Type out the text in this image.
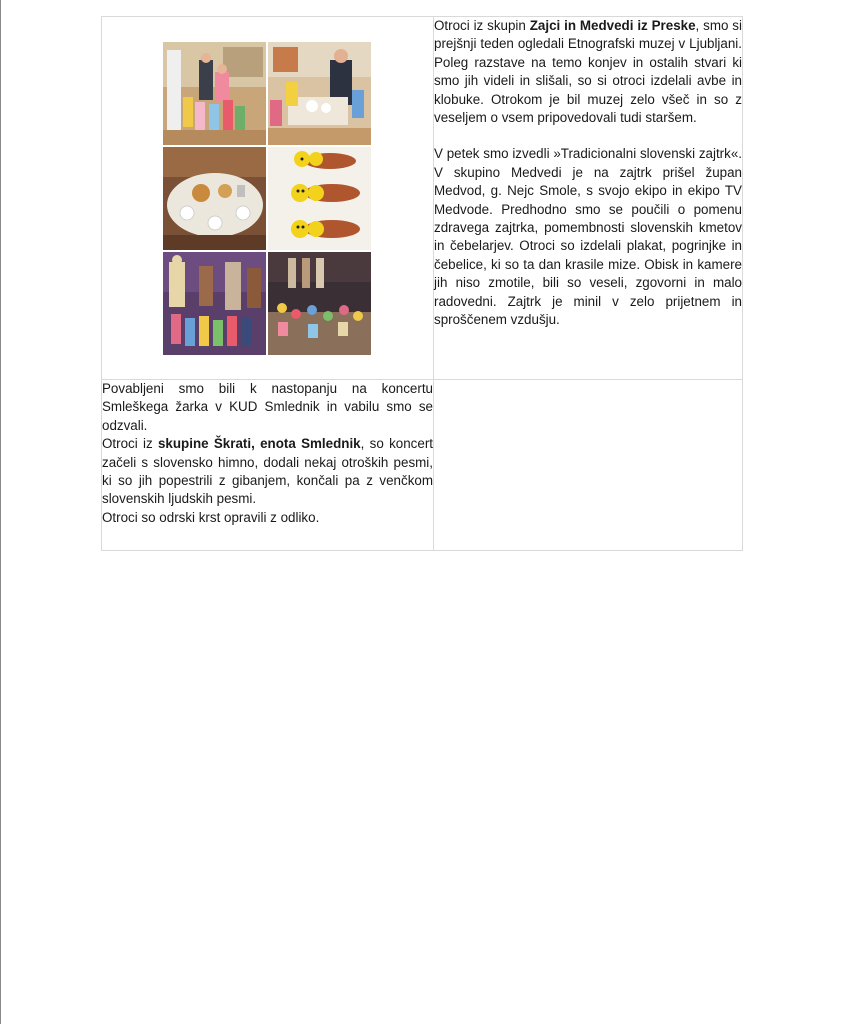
Otroci iz skupin Zajci in Medvedi iz Preske, smo si prejšnji teden ogledali Etnografski muzej v Ljubljani. Poleg razstave na temo konjev in ostalih stvari ki smo jih videli in slišali, so si otroci izdelali avbe in klobuke. Otrokom je bil muzej zelo všeč in so z veseljem o vsem pripovedovali tudi staršem.

V petek smo izvedli »Tradicionalni slovenski zajtrk«. V skupino Medvedi je na zajtrk prišel župan Medvod, g. Nejc Smole, s svojo ekipo in ekipo TV Medvode. Predhodno smo se poučili o pomenu zdravega zajtrka, pomembnosti slovenskih kmetov in čebelarjev. Otroci so izdelali plakat, pogrinjke in čebelice, ki so ta dan krasile mize. Obisk in kamere jih niso zmotile, bili so veseli, zgovorni in malo radovedni. Zajtrk je minil v zelo prijetnem in sproščenem vzdušju.

Povabljeni smo bili k nastopanju na koncertu Smleškega žarka v KUD Smlednik in vabilu smo se odzvali.

Otroci iz skupine Škrati, enota Smlednik, so koncert začeli s slovensko himno, dodali nekaj otroških pesmi, ki so jih popestrili z gibanjem, končali pa z venčkom slovenskih ljudskih pesmi.

Otroci so odrski krst opravili z odliko.	
